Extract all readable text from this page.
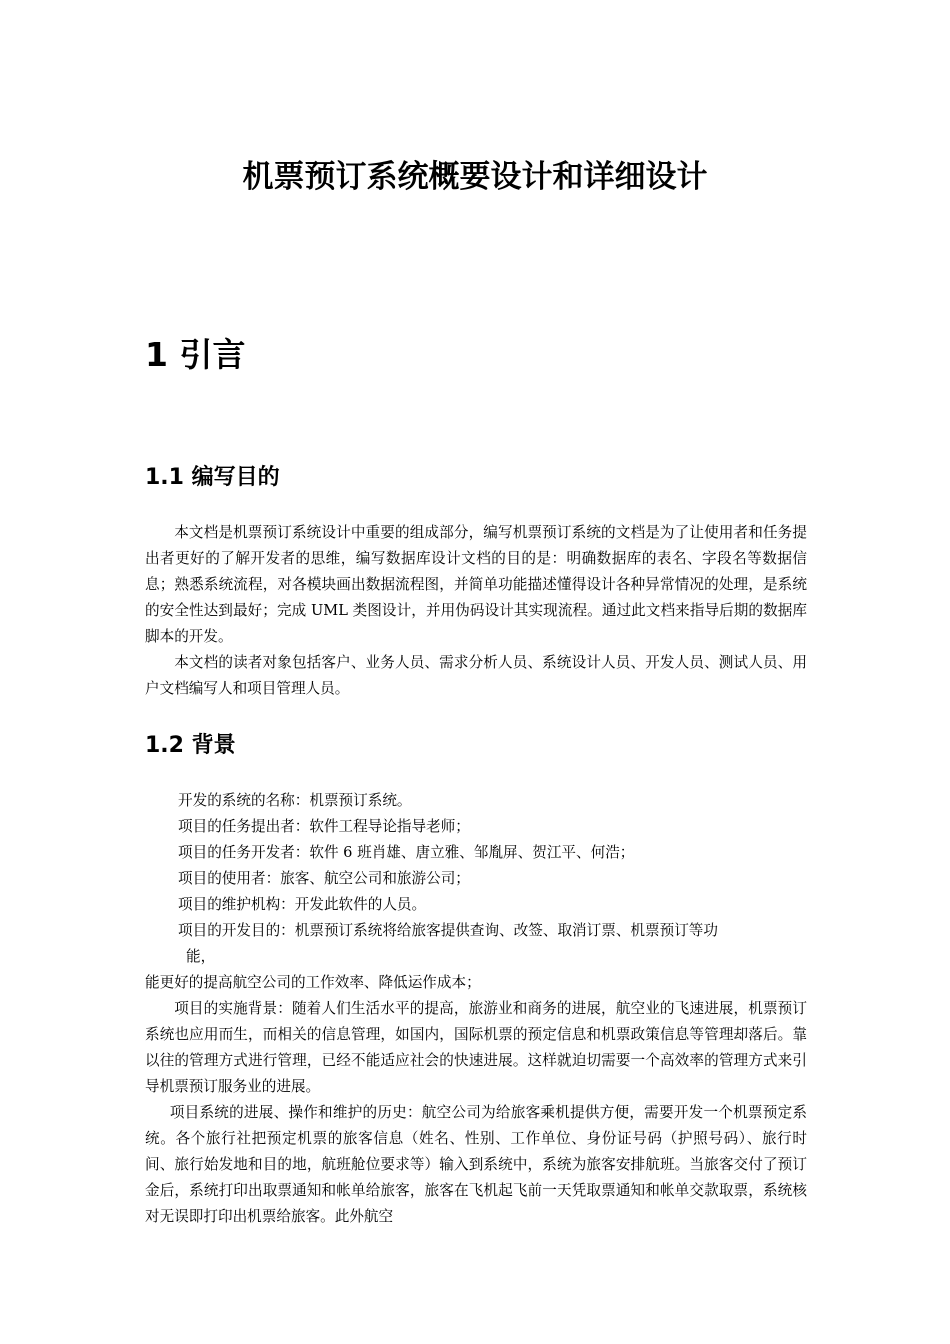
机票预订系统概要设计和详细设计
1 引言
1.1 编写目的

本文档是机票预订系统设计中重要的组成部分，编写机票预订系统的文档是为了让使用者和任务提出者更好的了解开发者的思维，编写数据库设计文档的目的是：明确数据库的表名、字段名等数据信息；熟悉系统流程，对各模块画出数据流程图，并简单功能描述懂得设计各种异常情况的处理，是系统的安全性达到最好；完成 UML 类图设计，并用伪码设计其实现流程。通过此文档来指导后期的数据库脚本的开发。

本文档的读者对象包括客户、业务人员、需求分析人员、系统设计人员、开发人员、测试人员、用户文档编写人和项目管理人员。

1.2 背景

开发的系统的名称：机票预订系统。

项目的任务提出者：软件工程导论指导老师；

项目的任务开发者：软件 6 班肖雄、唐立雅、邹胤屏、贺江平、何浩；

项目的使用者：旅客、航空公司和旅游公司；

项目的维护机构：开发此软件的人员。

项目的开发目的：机票预订系统将给旅客提供查询、改签、取消订票、机票预订等功
能，

能更好的提高航空公司的工作效率、降低运作成本；

项目的实施背景：随着人们生活水平的提高，旅游业和商务的进展，航空业的飞速进展，机票预订系统也应用而生，而相关的信息管理，如国内，国际机票的预定信息和机票政策信息等管理却落后。靠以往的管理方式进行管理，已经不能适应社会的快速进展。这样就迫切需要一个高效率的管理方式来引导机票预订服务业的进展。

项目系统的进展、操作和维护的历史：航空公司为给旅客乘机提供方便，需要开发一个机票预定系统。各个旅行社把预定机票的旅客信息（姓名、性别、工作单位、身份证号码（护照号码）、旅行时间、旅行始发地和目的地，航班舱位要求等）输入到系统中，系统为旅客安排航班。当旅客交付了预订金后，系统打印出取票通知和帐单给旅客，旅客在飞机起飞前一天凭取票通知和帐单交款取票，系统核对无误即打印出机票给旅客。此外航空
